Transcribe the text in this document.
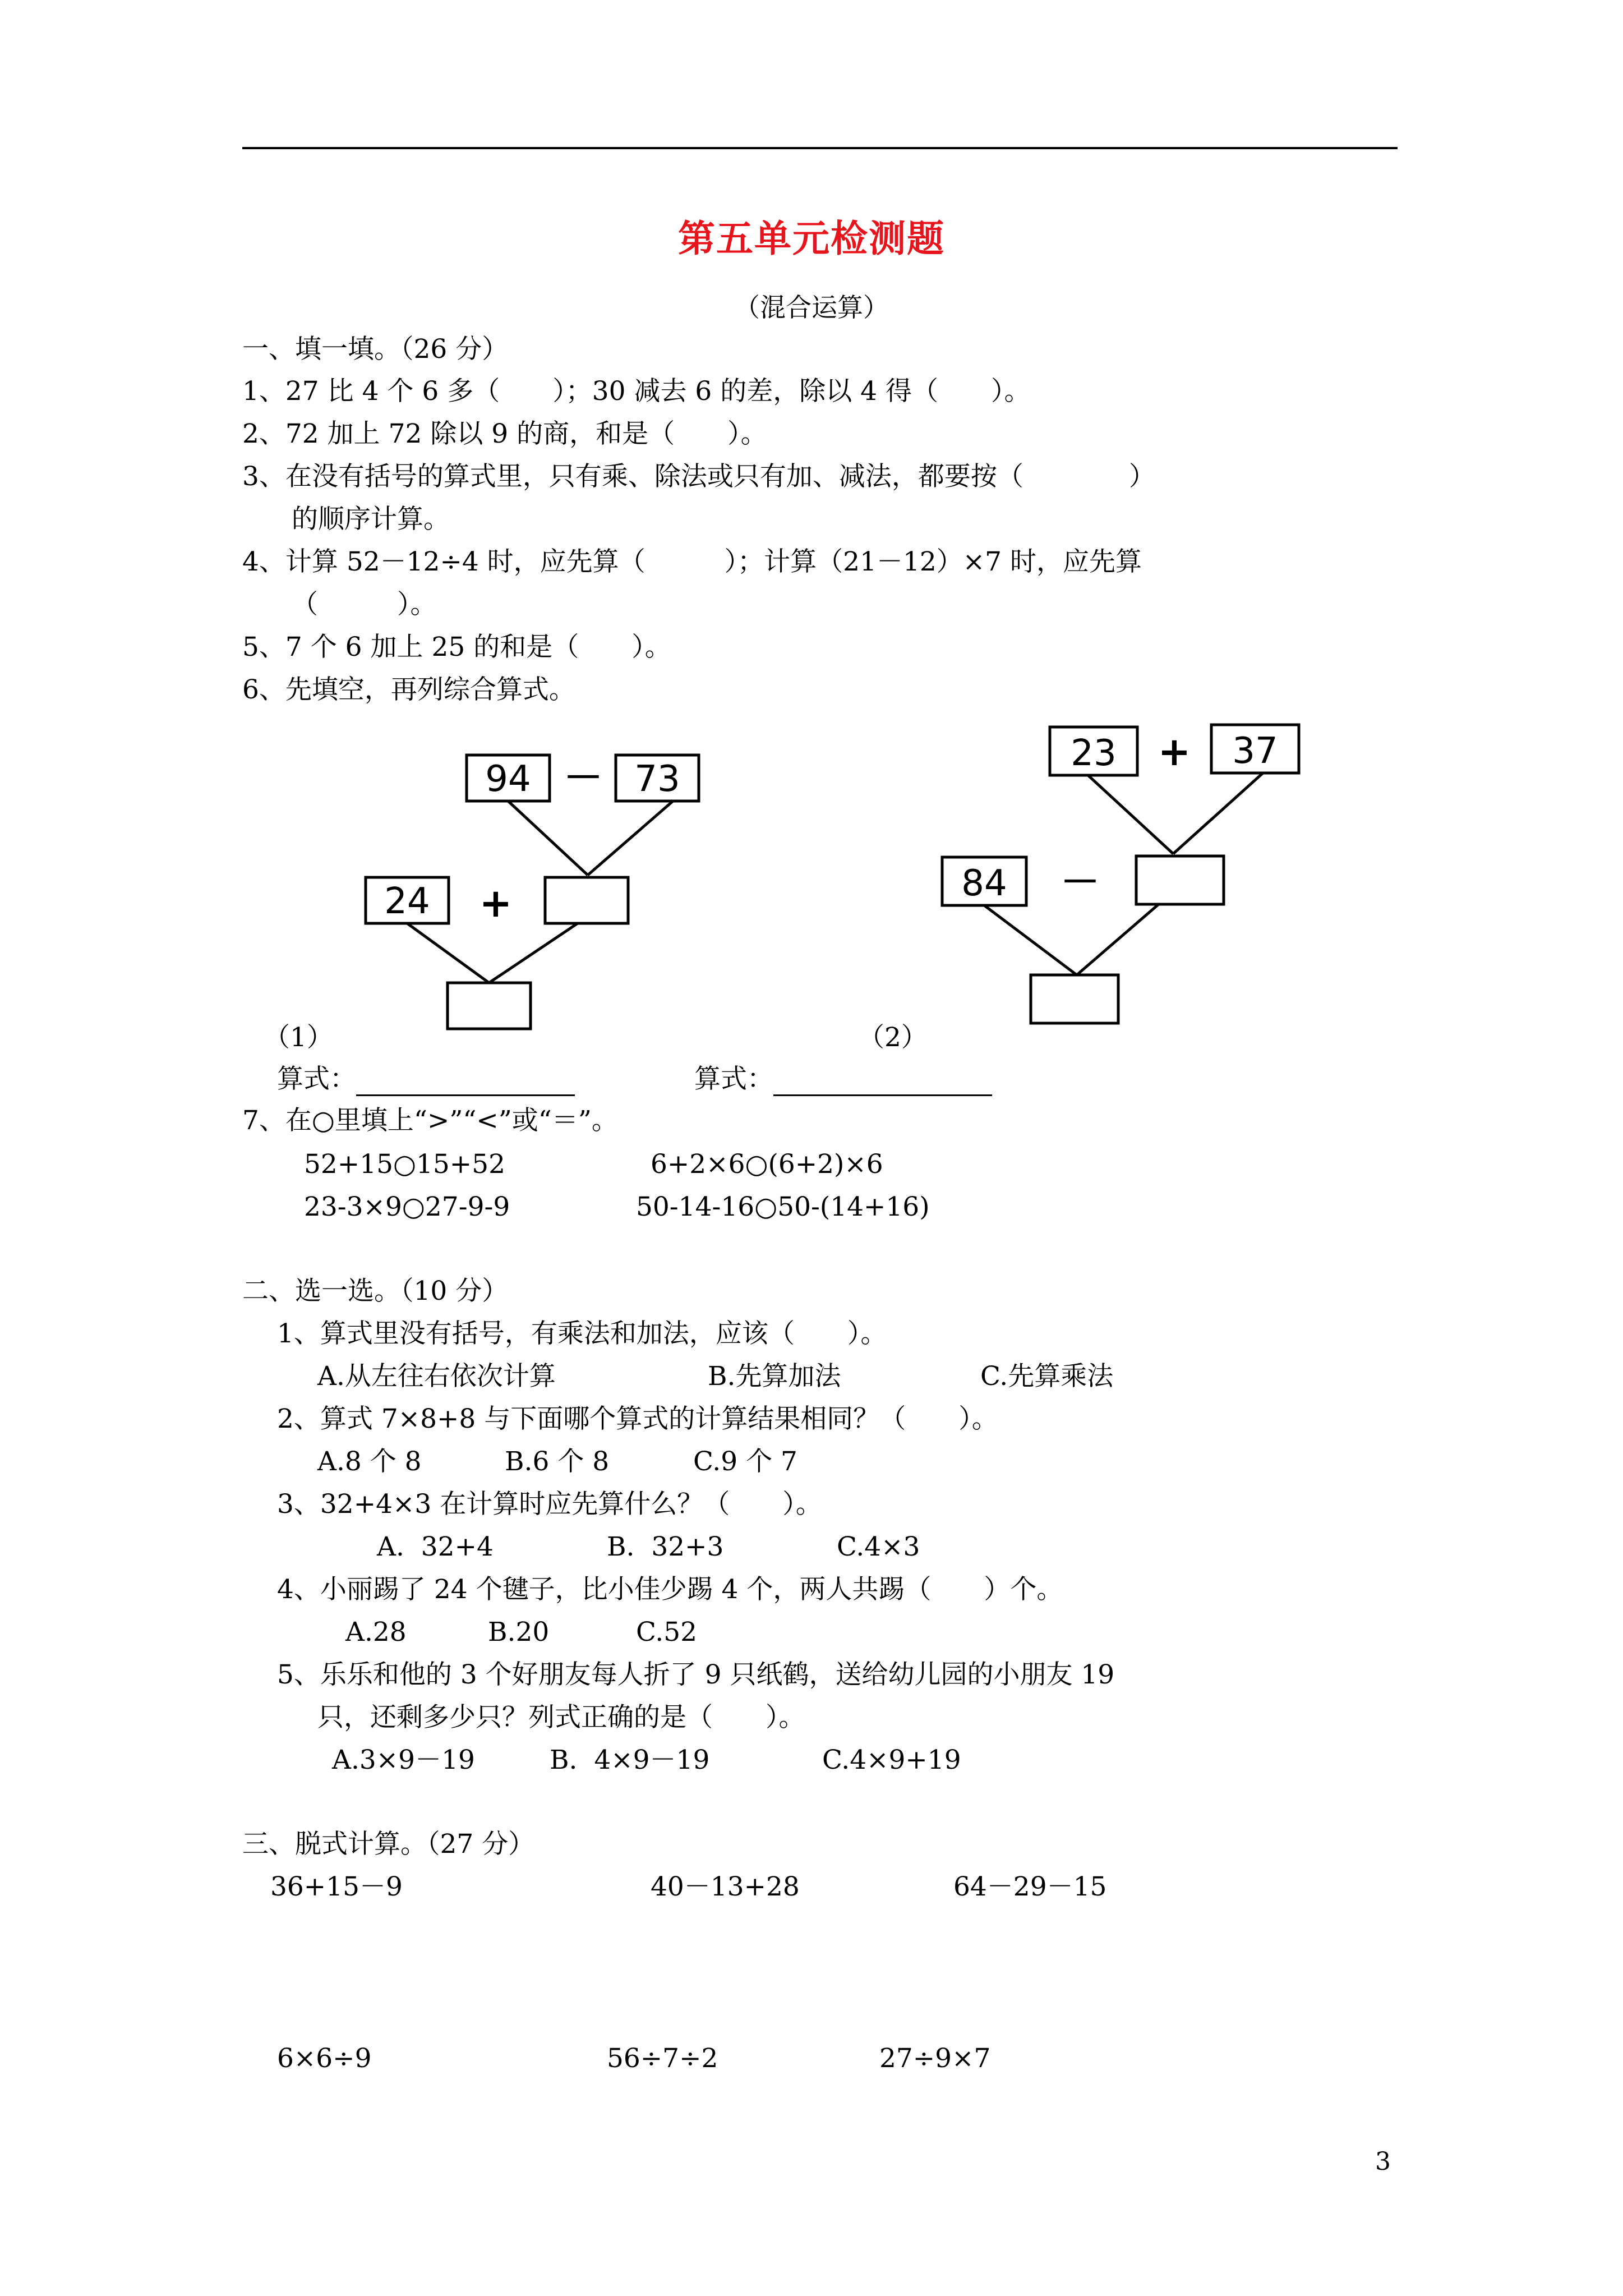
第五单元检测题
（混合运算）
一、填一填。（26 分）
1、27 比 4 个 6 多（　　）；30 减去 6 的差，除以 4 得（　　）。
2、72 加上 72 除以 9 的商，和是（　　）。
3、在没有括号的算式里，只有乘、除法或只有加、减法，都要按（　　　　）
的顺序计算。
4、计算 52－12÷4 时，应先算（　　　）；计算（21－12）×7 时，应先算
（　　　）。
5、7 个 6 加上 25 的和是（　　）。
6、先填空，再列综合算式。
94 － 73
24 +
23 + 37
84 －
（1）	（2）
算式：	算式：
7、在○里填上“>”“<”或“＝”。
52+15○15+52	6+2×6○(6+2)×6
23-3×9○27-9-9	50-14-16○50-(14+16)
二、选一选。（10 分）
1、算式里没有括号，有乘法和加法，应该（　　）。
A.从左往右依次计算	B.先算加法	C.先算乘法
2、算式 7×8+8 与下面哪个算式的计算结果相同？（　　）。
A.8 个 8	B.6 个 8	C.9 个 7
3、32+4×3 在计算时应先算什么？（　　）。
A.  32+4	B.  32+3	C.4×3
4、小丽踢了 24 个毽子，比小佳少踢 4 个，两人共踢（　　）个。
A.28	B.20	C.52
5、乐乐和他的 3 个好朋友每人折了 9 只纸鹤，送给幼儿园的小朋友 19
只，还剩多少只？列式正确的是（　　）。
A.3×9－19	B.  4×9－19	C.4×9+19
三、脱式计算。（27 分）
36+15－9	40－13+28	64－29－15
6×6÷9	56÷7÷2	27÷9×7
3
